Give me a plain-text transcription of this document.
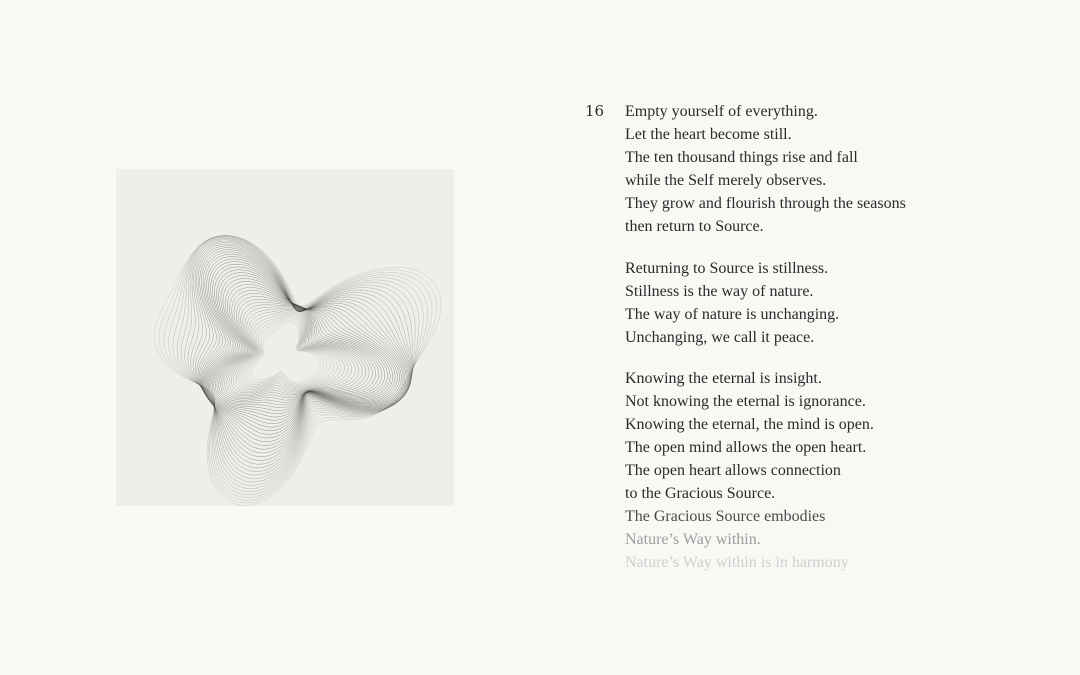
16 Empty yourself of everything.
Let the heart become still.
The ten thousand things rise and fall
while the Self merely observes.
They grow and flourish through the seasons
then return to Source.
Returning to Source is stillness.
Stillness is the way of nature.
The way of nature is unchanging.
Unchanging, we call it peace.
Knowing the eternal is insight.
Not knowing the eternal is ignorance.
Knowing the eternal, the mind is open.
The open mind allows the open heart.
The open heart allows connection
to the Gracious Source.
The Gracious Source embodies
Nature’s Way within.
Nature’s Way within is in harmony
